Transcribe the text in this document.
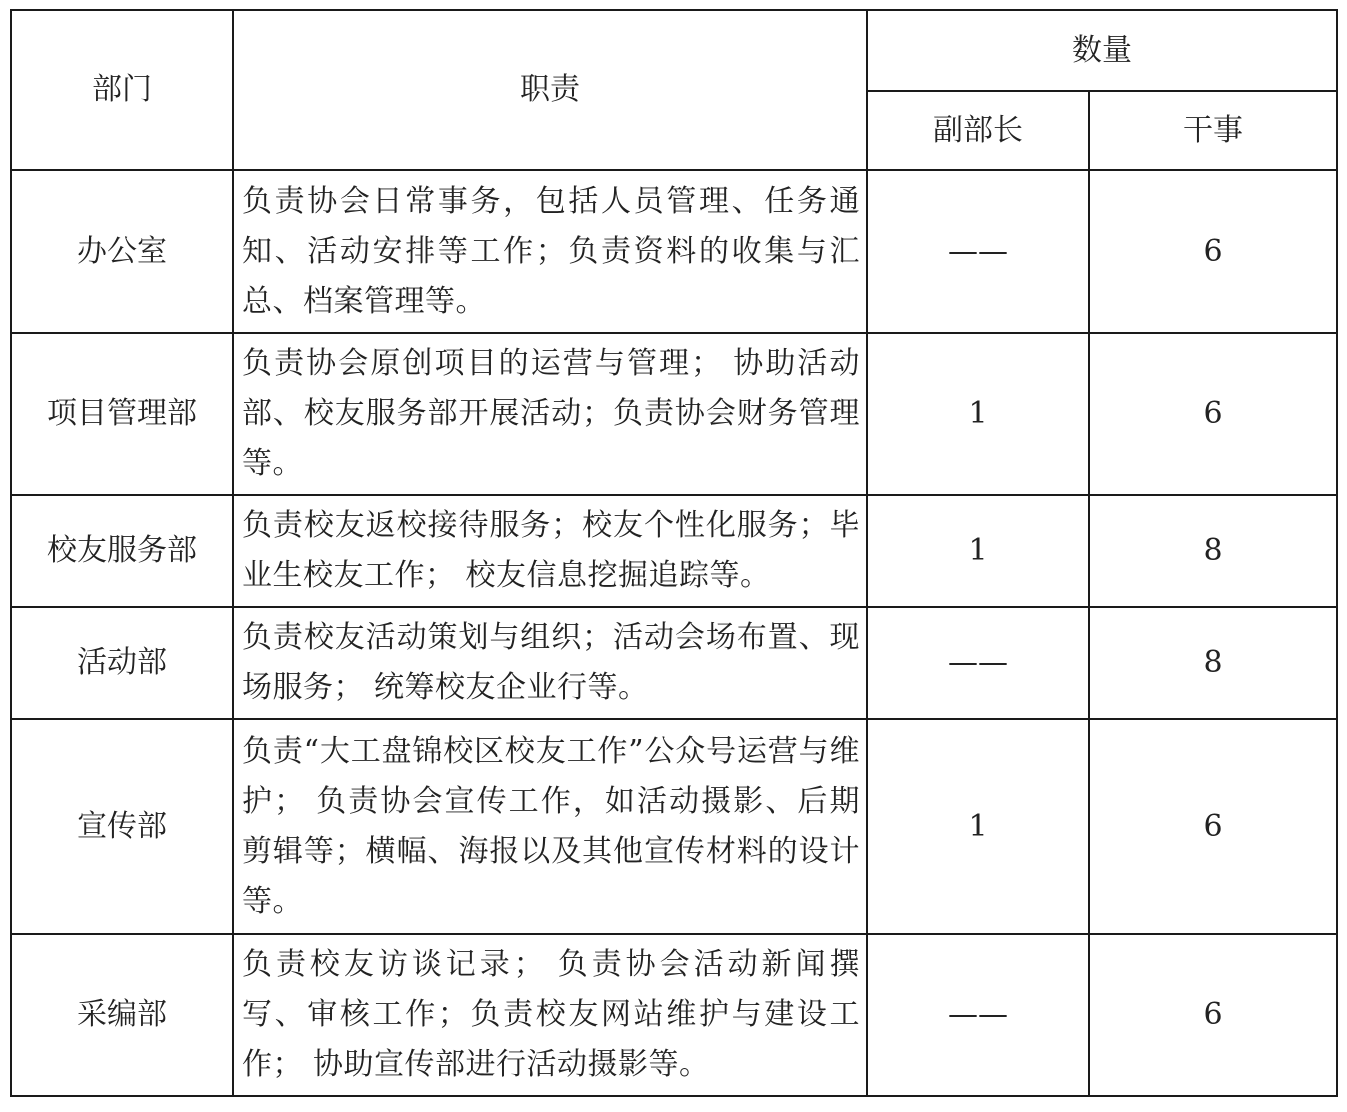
部门	职责	数量	
		副部长	干事
办公室	负责协会日常事务，包括人员管理、任务通知、活动安排等工作；负责资料的收集与汇总、档案管理等。	——	6
项目管理部	负责协会原创项目的运营与管理； 协助活动部、校友服务部开展活动；负责协会财务管理等。	1	6
校友服务部	负责校友返校接待服务；校友个性化服务；毕业生校友工作； 校友信息挖掘追踪等。	1	8
活动部	负责校友活动策划与组织；活动会场布置、现场服务； 统筹校友企业行等。	——	8
宣传部	负责“大工盘锦校区校友工作”公众号运营与维护； 负责协会宣传工作，如活动摄影、后期剪辑等；横幅、海报以及其他宣传材料的设计等。	1	6
采编部	负责校友访谈记录； 负责协会活动新闻撰写、审核工作；负责校友网站维护与建设工作； 协助宣传部进行活动摄影等。	——	6
